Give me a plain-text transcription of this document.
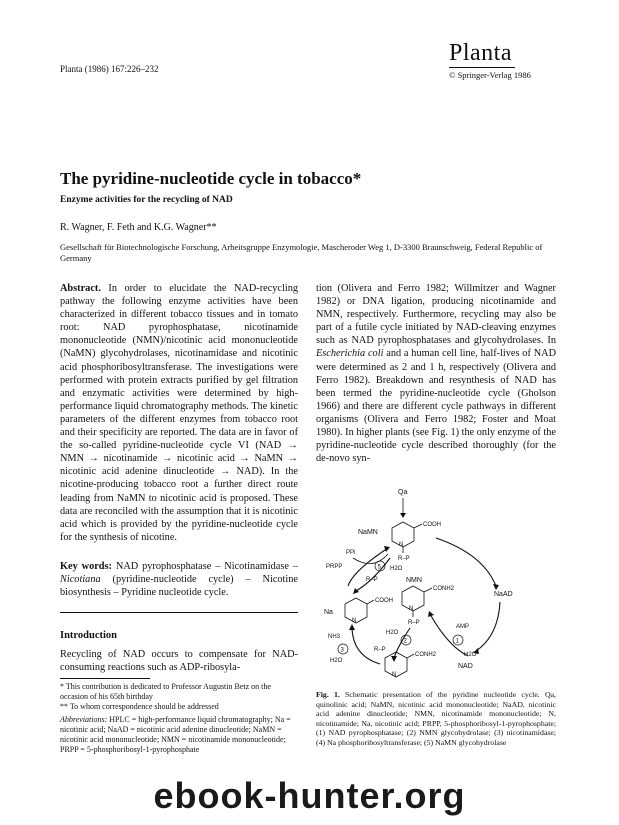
Planta (1986) 167:226–232
Planta
© Springer-Verlag 1986
The pyridine-nucleotide cycle in tobacco*
Enzyme activities for the recycling of NAD
R. Wagner, F. Feth and K.G. Wagner**
Gesellschaft für Biotechnologische Forschung, Arbeitsgruppe Enzymologie, Mascheroder Weg 1, D-3300 Braunschweig, Federal Republic of Germany

Abstract. In order to elucidate the NAD-recycling pathway the following enzyme activities have been characterized in different tobacco tissues and in tomato root: NAD pyrophosphatase, nicotinamide mononucleotide (NMN)/nicotinic acid mononucleotide (NaMN) glycohydrolases, nicotinamidase and nicotinic acid phosphoribosyltransferase. The investigations were performed with protein extracts purified by gel filtration and enzymatic activities were determined by high-performance liquid chromatography methods. The kinetic parameters of the different enzymes from tobacco root and their specificity are reported. The data are in favor of the so-called pyridine-nucleotide cycle VI (NAD → NMN → nicotinamide → nicotinic acid → NaMN → nicotinic acid adenine dinucleotide → NAD). In the nicotine-producing tobacco root a further direct route leading from NaMN to nicotinic acid is proposed. These data are reconciled with the assumption that it is nicotinic acid which is provided by the pyridine-nucleotide cycle for the synthesis of nicotine.

Key words: NAD pyrophosphatase – Nicotinamidase – Nicotiana (pyridine-nucleotide cycle) – Nicotine biosynthesis – Pyridine nucleotide cycle.

Introduction
Recycling of NAD occurs to compensate for NAD-consuming reactions such as ADP-ribosyla-
* This contribution is dedicated to Professor Augustin Betz on the occasion of his 65th birthday
** To whom correspondence should be addressed
Abbreviations: HPLC = high-performance liquid chromatography; Na = nicotinic acid; NaAD = nicotinic acid adenine dinucleotide; NaMN = nicotinic acid mononucleotide; NMN = nicotinamide mononucleotide; PRPP = 5-phosphoribosyl-1-pyrophosphate

tion (Olivera and Ferro 1982; Willmitzer and Wagner 1982) or DNA ligation, producing nicotinamide and NMN, respectively. Furthermore, recycling may also be part of a futile cycle initiated by NAD-cleaving enzymes such as NAD pyrophosphatases and glycohydrolases. In Escherichia coli and a human cell line, half-lives of NAD were determined as 2 and 1 h, respectively (Olivera and Ferro 1982). Breakdown and resynthesis of NAD has been termed the pyridine-nucleotide cycle (Gholson 1966) and there are different cycle pathways in different organisms (Olivera and Ferro 1982; Foster and Moat 1980). In higher plants (see Fig. 1) the only enzyme of the pyridine-nucleotide cycle described thoroughly (for the de-novo syn-

Qa
NaMN
COOH
N
R–P
PPi
PRPP	5 H2O
R–P	NMN
CONH2
N
R–P
NaAD
Na
COOH
N
H2O
2
R–P
AMP
1
H2O
NH3
3
H2O
CONH2
N
NAD
Fig. 1. Schematic presentation of the pyridine nucleotide cycle. Qa, quinolinic acid; NaMN, nicotinic acid mononucleotide; NaAD, nicotinic acid adenine dinucleotide; NMN, nicotinamide mononucleotide; N, nicotinamide; Na, nicotinic acid; PRPP, 5-phosphoribosyl-1-pyrophosphate; (1) NAD pyrophosphatase; (2) NMN glycohydrolase; (3) nicotinamidase; (4) Na phosphoribosyltransferase; (5) NaMN glycohydrolase
ebook-hunter.org
